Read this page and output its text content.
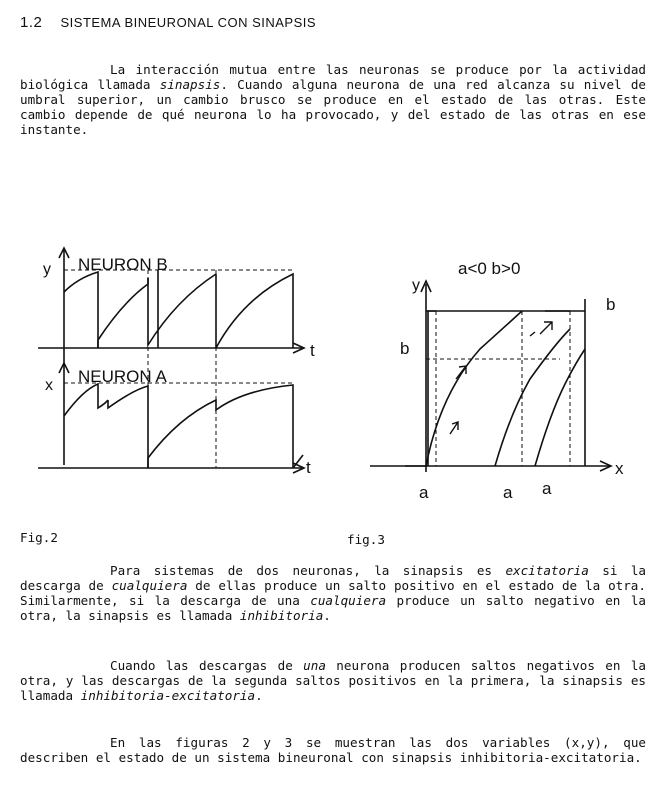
1.2 SISTEMA BINEURONAL CON SINAPSIS

La interacción mutua entre las neuronas se produce por la actividad biológica llamada sinapsis. Cuando alguna neurona de una red alcanza su nivel de umbral superior, un cambio brusco se produce en el estado de las otras. Este cambio depende de qué neurona lo ha provocado, y del estado de las otras en ese instante.

y NEURON B
t
x NEURON A
t
a<0 b>0
y
b
b
x
a	a a
Fig.2	fig.3

Para sistemas de dos neuronas, la sinapsis es excitatoria si la descarga de cualquiera de ellas produce un salto positivo en el estado de la otra. Similarmente, si la descarga de una cualquiera produce un salto negativo en la otra, la sinapsis es llamada inhibitoria.

Cuando las descargas de una neurona producen saltos negativos en la otra, y las descargas de la segunda saltos positivos en la primera, la sinapsis es llamada inhibitoria-excitatoria.

En las figuras 2 y 3 se muestran las dos variables (x,y), que describen el estado de un sistema bineuronal con sinapsis inhibitoria-excitatoria.
